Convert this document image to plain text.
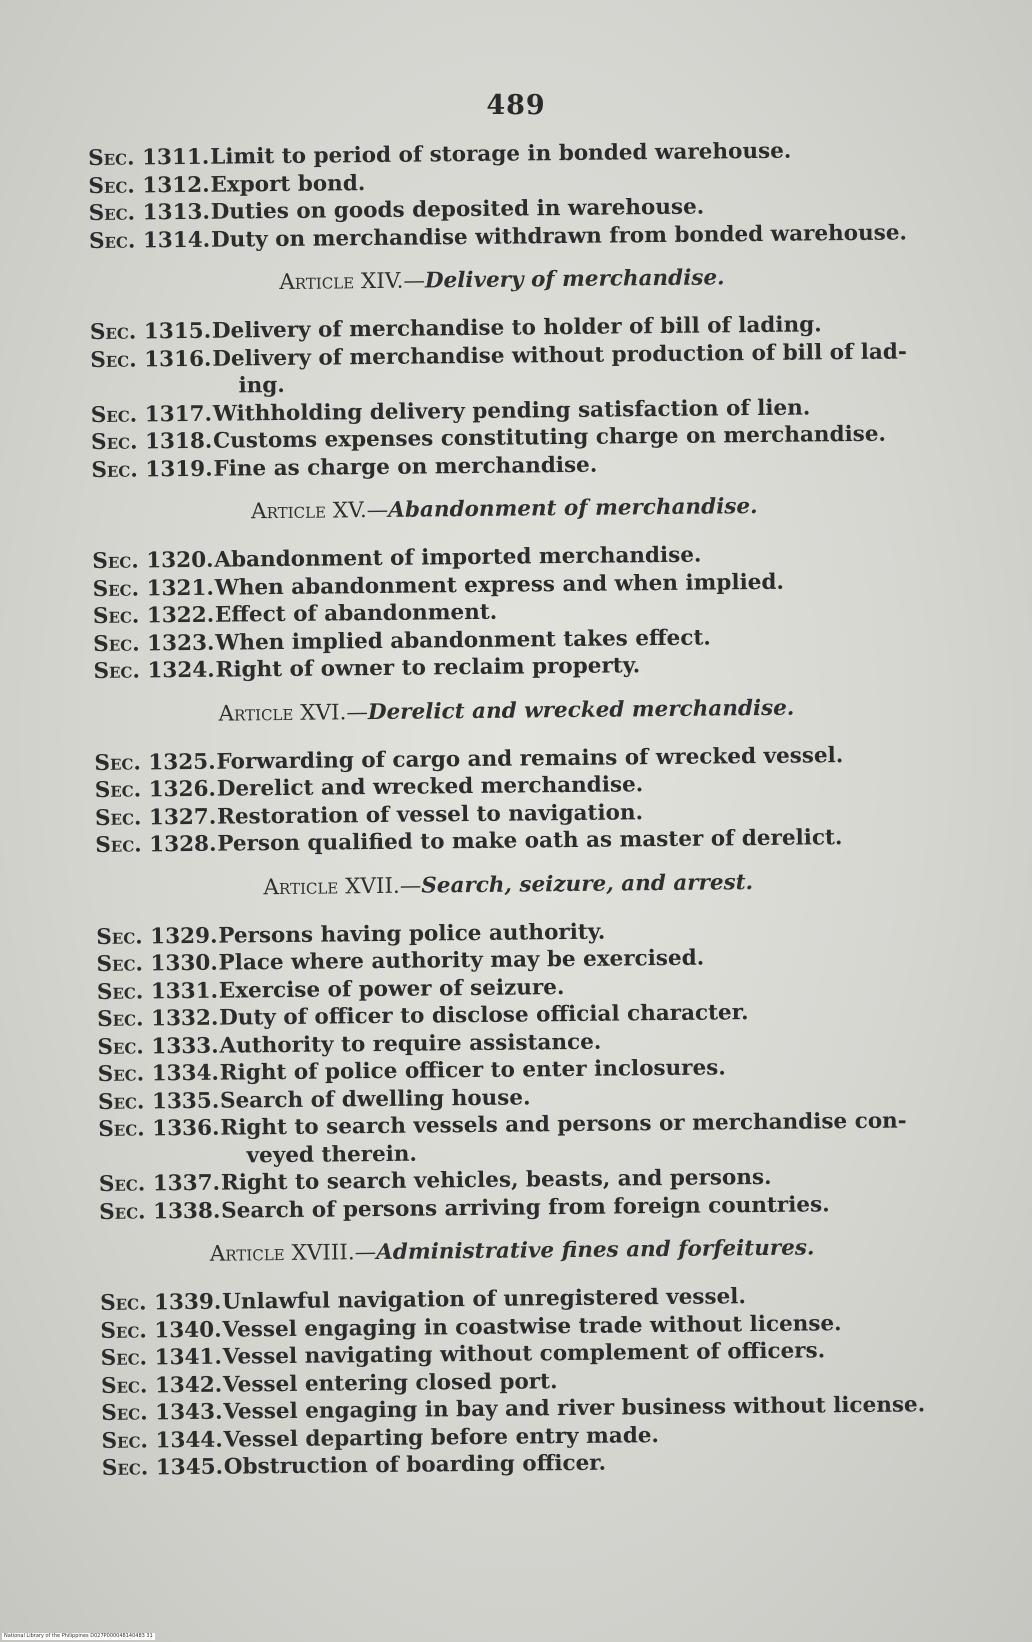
489
Sec. 1311. Limit to period of storage in bonded warehouse.
Sec. 1312. Export bond.
Sec. 1313. Duties on goods deposited in warehouse.
Sec. 1314. Duty on merchandise withdrawn from bonded warehouse.
Article XIV.—Delivery of merchandise.
Sec. 1315. Delivery of merchandise to holder of bill of lading.
Sec. 1316. Delivery of merchandise without production of bill of lad-
ing.
Sec. 1317. Withholding delivery pending satisfaction of lien.
Sec. 1318. Customs expenses constituting charge on merchandise.
Sec. 1319. Fine as charge on merchandise.
Article XV.—Abandonment of merchandise.
Sec. 1320. Abandonment of imported merchandise.
Sec. 1321. When abandonment express and when implied.
Sec. 1322. Effect of abandonment.
Sec. 1323. When implied abandonment takes effect.
Sec. 1324. Right of owner to reclaim property.
Article XVI.—Derelict and wrecked merchandise.
Sec. 1325. Forwarding of cargo and remains of wrecked vessel.
Sec. 1326. Derelict and wrecked merchandise.
Sec. 1327. Restoration of vessel to navigation.
Sec. 1328. Person qualified to make oath as master of derelict.
Article XVII.—Search, seizure, and arrest.
Sec. 1329. Persons having police authority.
Sec. 1330. Place where authority may be exercised.
Sec. 1331. Exercise of power of seizure.
Sec. 1332. Duty of officer to disclose official character.
Sec. 1333. Authority to require assistance.
Sec. 1334. Right of police officer to enter inclosures.
Sec. 1335. Search of dwelling house.
Sec. 1336. Right to search vessels and persons or merchandise con-
veyed therein.
Sec. 1337. Right to search vehicles, beasts, and persons.
Sec. 1338. Search of persons arriving from foreign countries.
Article XVIII.—Administrative fines and forfeitures.
Sec. 1339. Unlawful navigation of unregistered vessel.
Sec. 1340. Vessel engaging in coastwise trade without license.
Sec. 1341. Vessel navigating without complement of officers.
Sec. 1342. Vessel entering closed port.
Sec. 1343. Vessel engaging in bay and river business without license.
Sec. 1344. Vessel departing before entry made.
Sec. 1345. Obstruction of boarding officer.
National Library of the Philippines D027P000048140483 31
